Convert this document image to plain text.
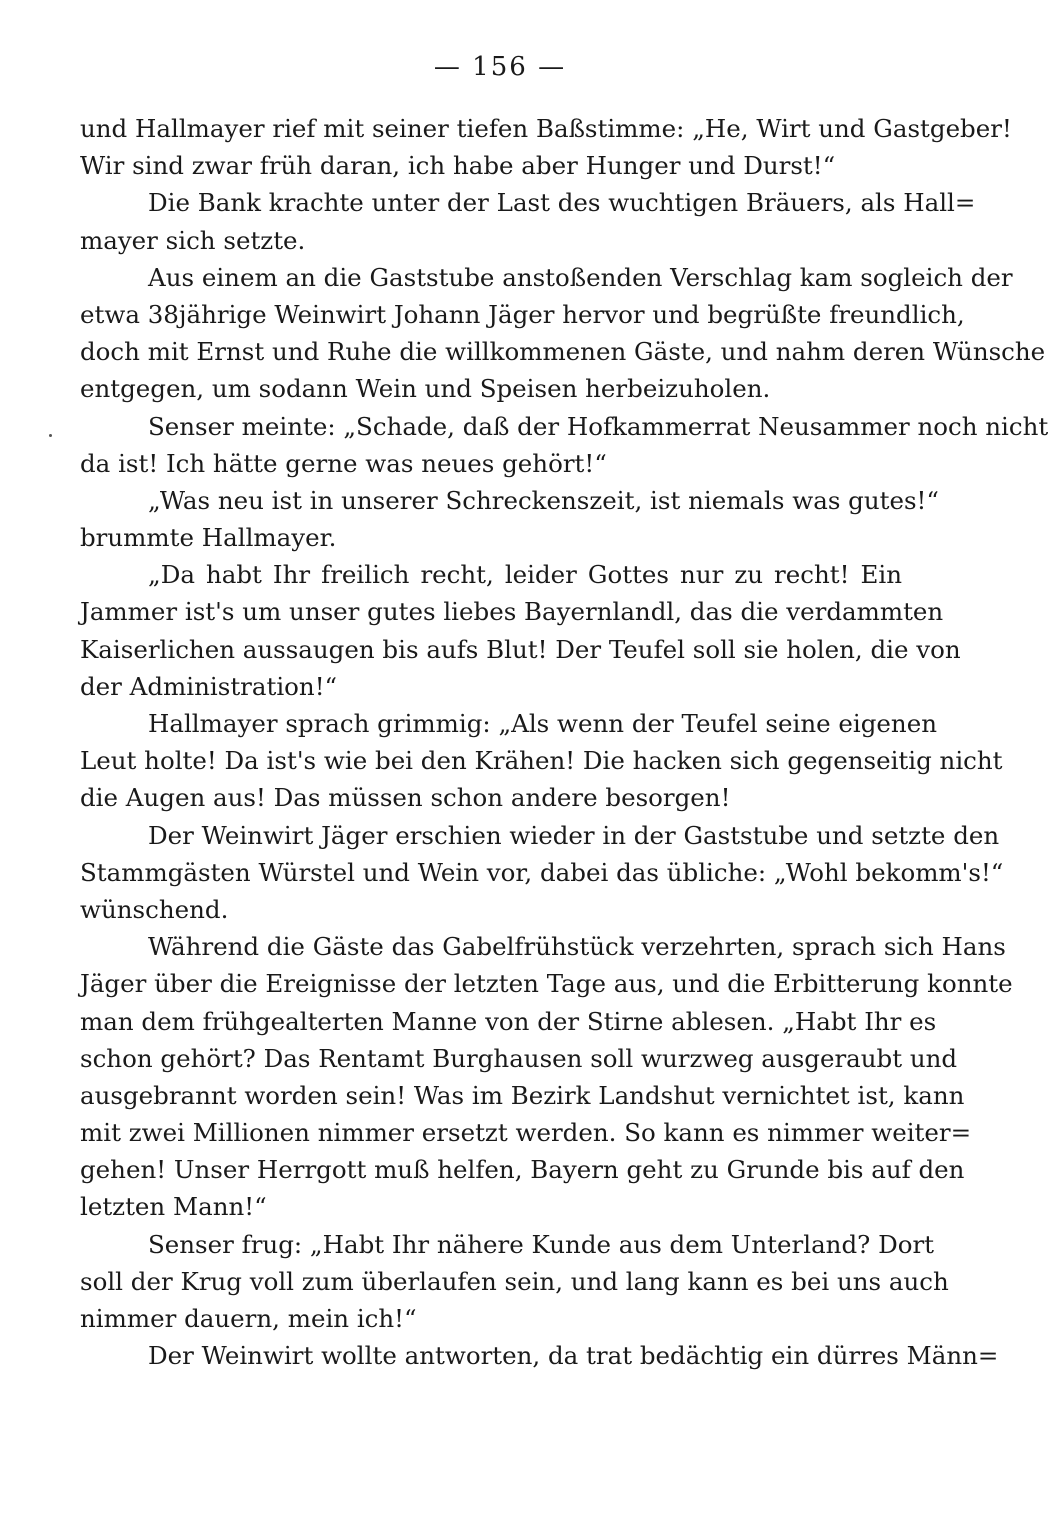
— 156 —
und Hallmayer rief mit seiner tiefen Baßstimme: „He, Wirt und Gastgeber!
Wir sind zwar früh daran, ich habe aber Hunger und Durst!“
Die Bank krachte unter der Last des wuchtigen Bräuers, als Hall=
mayer sich setzte.
Aus einem an die Gaststube anstoßenden Verschlag kam sogleich der
etwa 38jährige Weinwirt Johann Jäger hervor und begrüßte freundlich,
doch mit Ernst und Ruhe die willkommenen Gäste, und nahm deren Wünsche
entgegen, um sodann Wein und Speisen herbeizuholen.
Senser meinte: „Schade, daß der Hofkammerrat Neusammer noch nicht
da ist! Ich hätte gerne was neues gehört!“
„Was neu ist in unserer Schreckenszeit, ist niemals was gutes!“
brummte Hallmayer.
„Da habt Ihr freilich recht, leider Gottes nur zu recht! Ein
Jammer ist's um unser gutes liebes Bayernlandl, das die verdammten
Kaiserlichen aussaugen bis aufs Blut! Der Teufel soll sie holen, die von
der Administration!“
Hallmayer sprach grimmig: „Als wenn der Teufel seine eigenen
Leut holte! Da ist's wie bei den Krähen! Die hacken sich gegenseitig nicht
die Augen aus! Das müssen schon andere besorgen!
Der Weinwirt Jäger erschien wieder in der Gaststube und setzte den
Stammgästen Würstel und Wein vor, dabei das übliche: „Wohl bekomm's!“
wünschend.
Während die Gäste das Gabelfrühstück verzehrten, sprach sich Hans
Jäger über die Ereignisse der letzten Tage aus, und die Erbitterung konnte
man dem frühgealterten Manne von der Stirne ablesen. „Habt Ihr es
schon gehört? Das Rentamt Burghausen soll wurzweg ausgeraubt und
ausgebrannt worden sein! Was im Bezirk Landshut vernichtet ist, kann
mit zwei Millionen nimmer ersetzt werden. So kann es nimmer weiter=
gehen! Unser Herrgott muß helfen, Bayern geht zu Grunde bis auf den
letzten Mann!“
Senser frug: „Habt Ihr nähere Kunde aus dem Unterland? Dort
soll der Krug voll zum überlaufen sein, und lang kann es bei uns auch
nimmer dauern, mein ich!“
Der Weinwirt wollte antworten, da trat bedächtig ein dürres Männ=
